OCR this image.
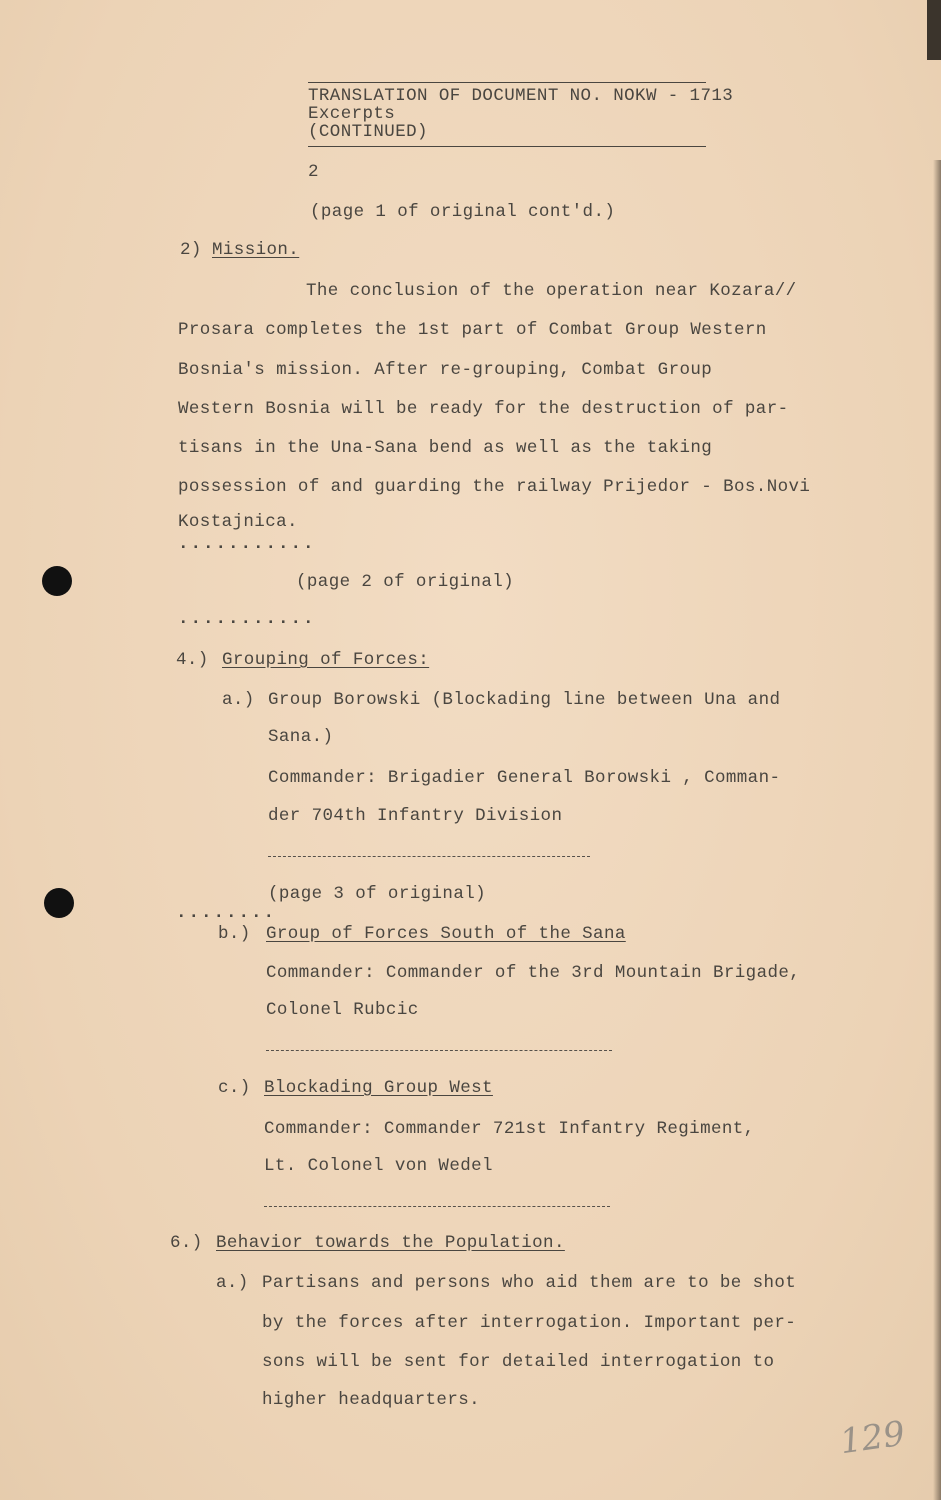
TRANSLATION OF DOCUMENT NO. NOKW - 1713
Excerpts
(CONTINUED)
2
(page 1 of original cont'd.)
2) Mission.
The conclusion of the operation near Kozara//
Prosara completes the 1st part of Combat Group Western
Bosnia's mission. After re-grouping, Combat Group
Western Bosnia will be ready for the destruction of par-
tisans in the Una-Sana bend as well as the taking
possession of and guarding the railway Prijedor - Bos.Novi
Kostajnica.
...........
(page 2 of original)
...........
4.) Grouping of Forces:
a.) Group Borowski (Blockading line between Una and
Sana.)
Commander: Brigadier General Borowski , Comman-
der 704th Infantry Division
(page 3 of original)
........
b.) Group of Forces South of the Sana
Commander: Commander of the 3rd Mountain Brigade,
Colonel Rubcic
c.) Blockading Group West
Commander: Commander 721st Infantry Regiment,
Lt. Colonel von Wedel
6.) Behavior towards the Population.
a.) Partisans and persons who aid them are to be shot
by the forces after interrogation. Important per-
sons will be sent for detailed interrogation to
higher headquarters.
129
